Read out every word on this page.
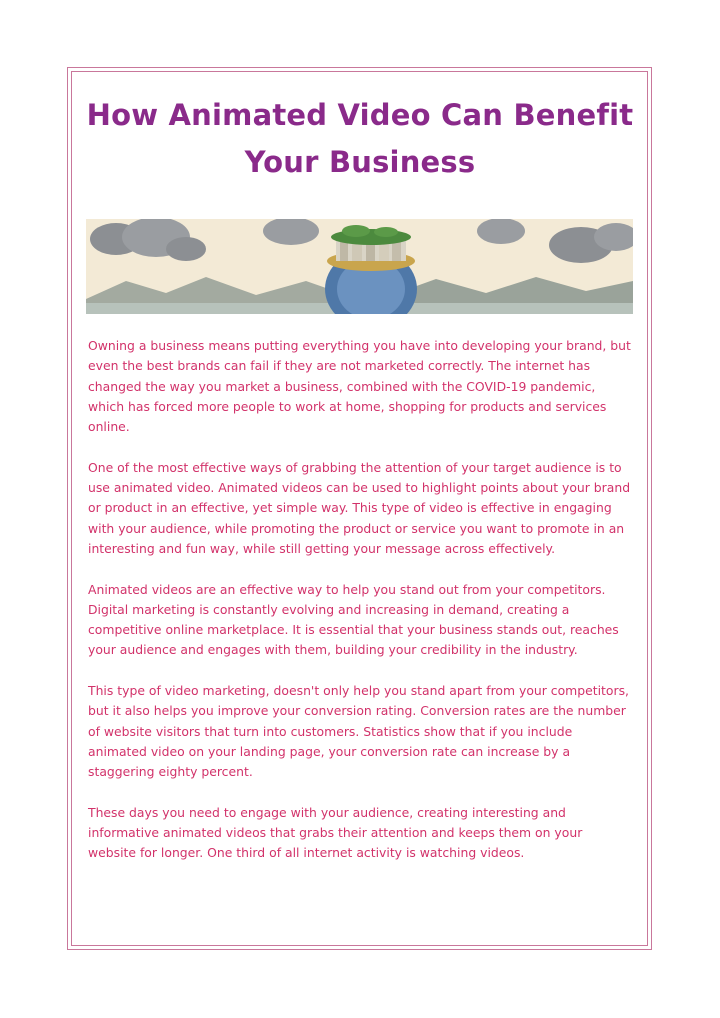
How Animated Video Can Benefit Your Business

Owning a business means putting everything you have into developing your brand, but even the best brands can fail if they are not marketed correctly. The internet has changed the way you market a business, combined with the COVID-19 pandemic, which has forced more people to work at home, shopping for products and services online.

One of the most effective ways of grabbing the attention of your target audience is to use animated video. Animated videos can be used to highlight points about your brand or product in an effective, yet simple way. This type of video is effective in engaging with your audience, while promoting the product or service you want to promote in an interesting and fun way, while still getting your message across effectively.

Animated videos are an effective way to help you stand out from your competitors. Digital marketing is constantly evolving and increasing in demand, creating a competitive online marketplace. It is essential that your business stands out, reaches your audience and engages with them, building your credibility in the industry.

This type of video marketing, doesn't only help you stand apart from your competitors, but it also helps you improve your conversion rating. Conversion rates are the number of website visitors that turn into customers. Statistics show that if you include animated video on your landing page, your conversion rate can increase by a staggering eighty percent.

These days you need to engage with your audience, creating interesting and informative animated videos that grabs their attention and keeps them on your website for longer. One third of all internet activity is watching videos.
